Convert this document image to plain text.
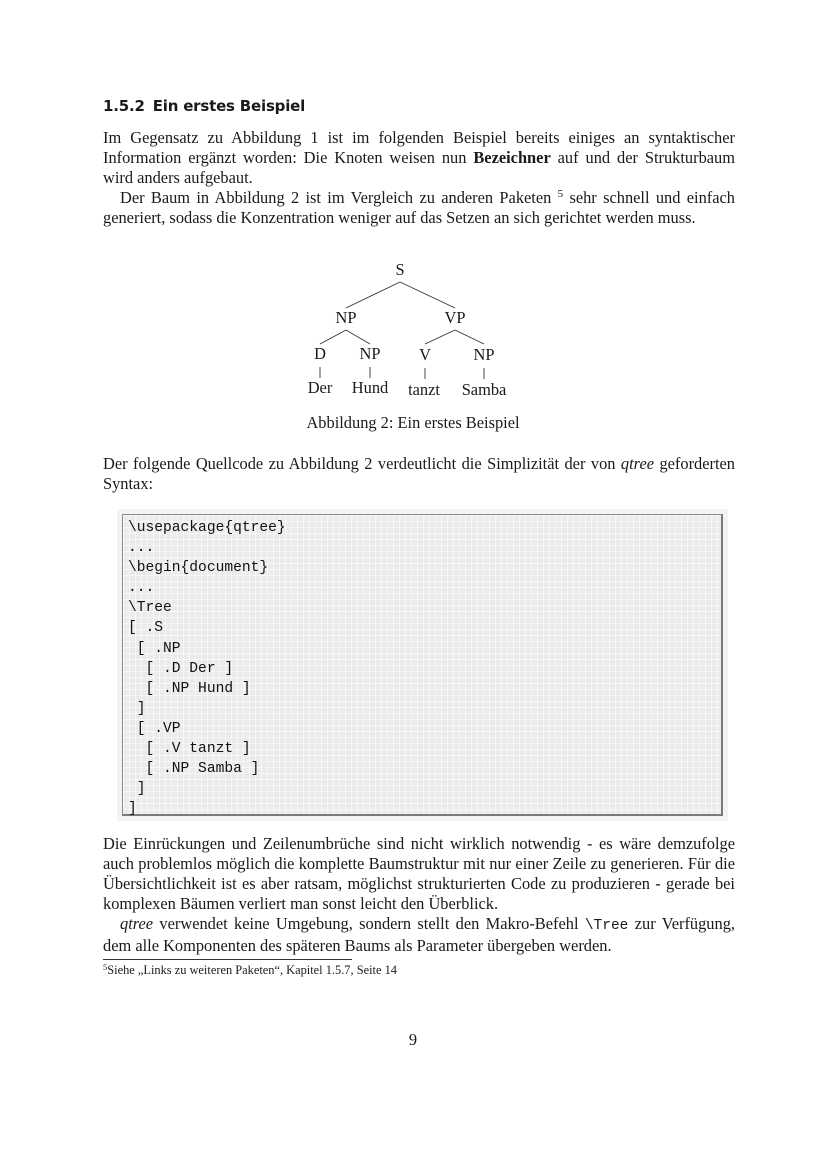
1.5.2 Ein erstes Beispiel

Im Gegensatz zu Abbildung 1 ist im folgenden Beispiel bereits einiges an syntaktischer Information ergänzt worden: Die Knoten weisen nun Bezeichner auf und der Strukturbaum wird anders aufgebaut.
Der Baum in Abbildung 2 ist im Vergleich zu anderen Paketen $^5$ sehr schnell und einfach generiert, sodass die Konzentration weniger auf das Setzen an sich gerichtet werden muss.

S
NP	VP
D NP V	NP
Der Hund tanzt Samba

Abbildung 2: Ein erstes Beispiel

Der folgende Quellcode zu Abbildung 2 verdeutlicht die Simplizität der von qtree geforderten Syntax:

\usepackage{qtree}
...
\begin{document}
...
\Tree
[ .S
[ .NP
[ .D Der ]
[ .NP Hund ]
]
[ .VP
[ .V tanzt ]
[ .NP Samba ]
]
]

Die Einrückungen und Zeilenumbrüche sind nicht wirklich notwendig - es wäre demzufolge auch problemlos möglich die komplette Baumstruktur mit nur einer Zeile zu generieren. Für die Übersichtlichkeit ist es aber ratsam, möglichst strukturierten Code zu produzieren - gerade bei komplexen Bäumen verliert man sonst leicht den Überblick.
qtree verwendet keine Umgebung, sondern stellt den Makro-Befehl \Tree zur Verfügung, dem alle Komponenten des späteren Baums als Parameter übergeben werden.

$^5$Siehe „Links zu weiteren Paketen“, Kapitel 1.5.7, Seite 14

9
